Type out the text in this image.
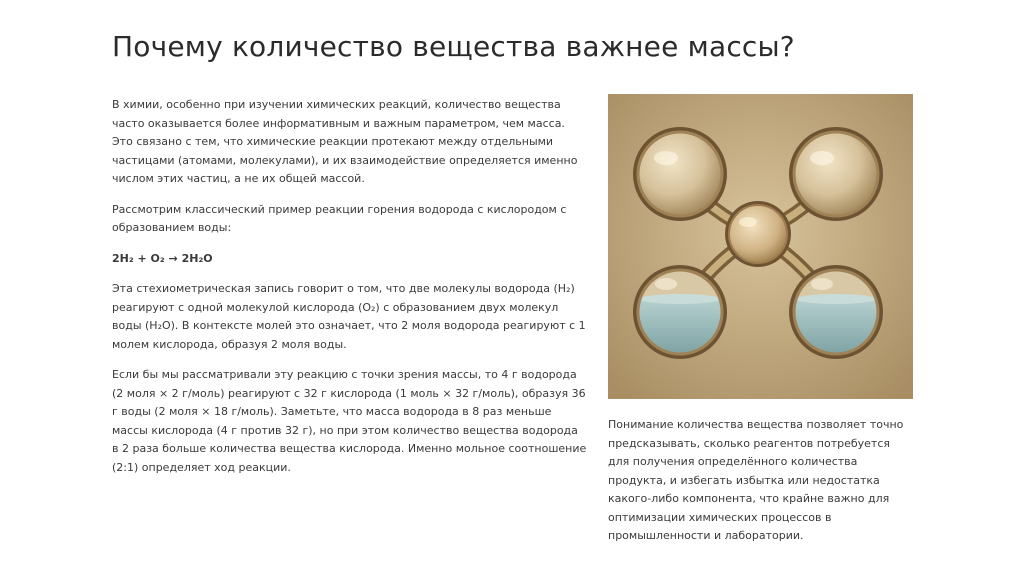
Почему количество вещества важнее массы?

В химии, особенно при изучении химических реакций, количество вещества часто оказывается более информативным и важным параметром, чем масса. Это связано с тем, что химические реакции протекают между отдельными частицами (атомами, молекулами), и их взаимодействие определяется именно числом этих частиц, а не их общей массой.

Рассмотрим классический пример реакции горения водорода с кислородом с образованием воды:

2H₂ + O₂ → 2H₂O

Эта стехиометрическая запись говорит о том, что две молекулы водорода (H₂) реагируют с одной молекулой кислорода (O₂) с образованием двух молекул воды (H₂O). В контексте молей это означает, что 2 моля водорода реагируют с 1 молем кислорода, образуя 2 моля воды.

Если бы мы рассматривали эту реакцию с точки зрения массы, то 4 г водорода (2 моля × 2 г/моль) реагируют с 32 г кислорода (1 моль × 32 г/моль), образуя 36 г воды (2 моля × 18 г/моль). Заметьте, что масса водорода в 8 раз меньше массы кислорода (4 г против 32 г), но при этом количество вещества водорода в 2 раза больше количества вещества кислорода. Именно мольное соотношение (2:1) определяет ход реакции.

Понимание количества вещества позволяет точно предсказывать, сколько реагентов потребуется для получения определённого количества продукта, и избегать избытка или недостатка какого-либо компонента, что крайне важно для оптимизации химических процессов в промышленности и лаборатории.
